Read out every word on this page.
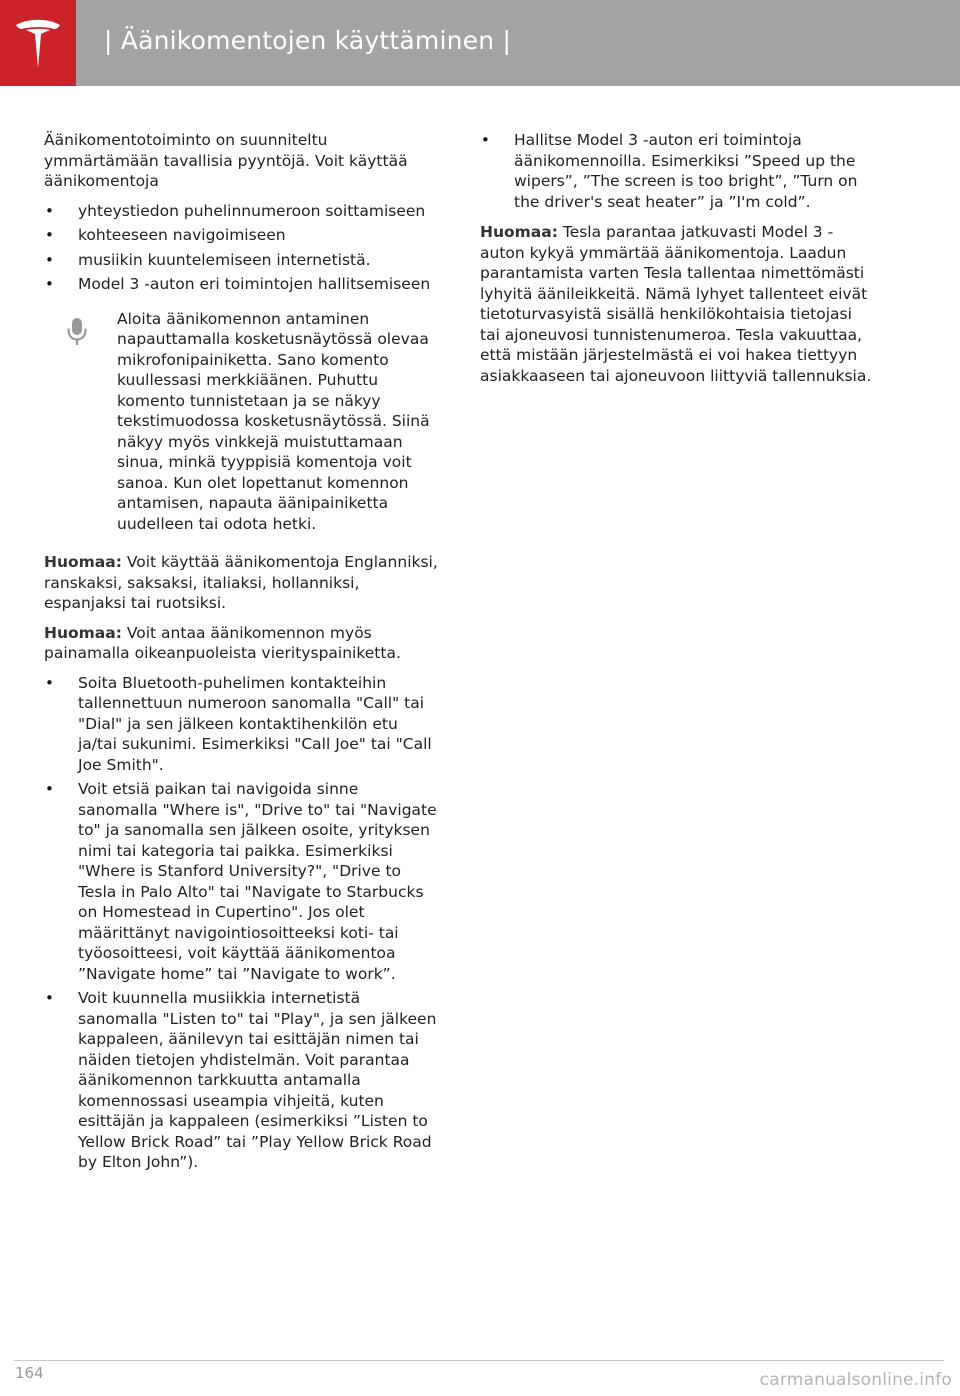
| Äänikomentojen käyttäminen |

Äänikomentotoiminto on suunniteltu ymmärtämään tavallisia pyyntöjä. Voit käyttää äänikomentoja

• yhteystiedon puhelinnumeroon soittamiseen
• kohteeseen navigoimiseen
• musiikin kuuntelemiseen internetistä.
• Model 3 -auton eri toimintojen hallitsemiseen
Aloita äänikomennon antaminen napauttamalla kosketusnäytössä olevaa mikrofonipainiketta. Sano komento kuullessasi merkkiäänen. Puhuttu komento tunnistetaan ja se näkyy tekstimuodossa kosketusnäytössä. Siinä näkyy myös vinkkejä muistuttamaan sinua, minkä tyyppisiä komentoja voit sanoa. Kun olet lopettanut komennon antamisen, napauta äänipainiketta uudelleen tai odota hetki.

Huomaa: Voit käyttää äänikomentoja Englanniksi, ranskaksi, saksaksi, italiaksi, hollanniksi, espanjaksi tai ruotsiksi.

Huomaa: Voit antaa äänikomennon myös painamalla oikeanpuoleista vierityspainiketta.

• Soita Bluetooth-puhelimen kontakteihin tallennettuun numeroon sanomalla "Call" tai "Dial" ja sen jälkeen kontaktihenkilön etu ja/tai sukunimi. Esimerkiksi "Call Joe" tai "Call Joe Smith".
• Voit etsiä paikan tai navigoida sinne sanomalla "Where is", "Drive to" tai "Navigate to" ja sanomalla sen jälkeen osoite, yrityksen nimi tai kategoria tai paikka. Esimerkiksi "Where is Stanford University?", "Drive to Tesla in Palo Alto" tai "Navigate to Starbucks on Homestead in Cupertino". Jos olet määrittänyt navigointiosoitteeksi koti- tai työosoitteesi, voit käyttää äänikomentoa ”Navigate home” tai ”Navigate to work”.
• Voit kuunnella musiikkia internetistä sanomalla "Listen to" tai "Play", ja sen jälkeen kappaleen, äänilevyn tai esittäjän nimen tai näiden tietojen yhdistelmän. Voit parantaa äänikomennon tarkkuutta antamalla komennossasi useampia vihjeitä, kuten esittäjän ja kappaleen (esimerkiksi ”Listen to Yellow Brick Road” tai ”Play Yellow Brick Road by Elton John”).
• Hallitse Model 3 -auton eri toimintoja äänikomennoilla. Esimerkiksi ”Speed up the wipers”, ”The screen is too bright”, ”Turn on the driver's seat heater” ja ”I'm cold”.

Huomaa: Tesla parantaa jatkuvasti Model 3 -auton kykyä ymmärtää äänikomentoja. Laadun parantamista varten Tesla tallentaa nimettömästi lyhyitä äänileikkeitä. Nämä lyhyet tallenteet eivät tietoturvasyistä sisällä henkilökohtaisia tietojasi tai ajoneuvosi tunnistenumeroa. Tesla vakuuttaa, että mistään järjestelmästä ei voi hakea tiettyyn asiakkaaseen tai ajoneuvoon liittyviä tallennuksia.

164	carmanualsonline.info
